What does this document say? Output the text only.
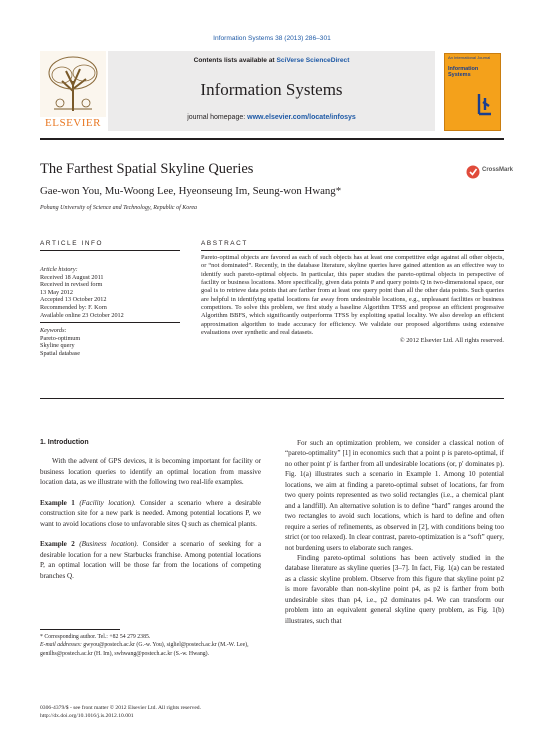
Information Systems 38 (2013) 286–301
ELSEVIER
Contents lists available at SciVerse ScienceDirect
Information Systems
journal homepage: www.elsevier.com/locate/infosys
An International Journal
Information Systems
The Farthest Spatial Skyline Queries	CrossMark
Gae-won You, Mu-Woong Lee, Hyeonseung Im, Seung-won Hwang*
Pohang University of Science and Technology, Republic of Korea
ARTICLE INFO	ABSTRACT
Article history:
Received 18 August 2011
Received in revised form
13 May 2012
Accepted 13 October 2012
Recommended by: F. Korn
Available online 23 October 2012
Keywords:
Pareto-optimum
Skyline query
Spatial database
Pareto-optimal objects are favored as each of such objects has at least one competitive edge against all other objects, or “not dominated”. Recently, in the database literature, skyline queries have gained attention as an effective way to identify such pareto-optimal objects. In particular, this paper studies the pareto-optimal objects in perspective of facility or business locations. More specifically, given data points P and query points Q in two-dimensional space, our goal is to retrieve data points that are farther from at least one query point than all the other data points. Such queries are helpful in identifying spatial locations far away from undesirable locations, e.g., unpleasant facilities or business competitors. To solve this problem, we first study a baseline Algorithm TFSS and propose an efficient progressive Algorithm BBFS, which significantly outperforms TFSS by exploiting spatial locality. We also develop an efficient approximation algorithm to trade accuracy for efficiency. We validate our proposed algorithms using extensive evaluations over synthetic and real datasets.
© 2012 Elsevier Ltd. All rights reserved.

1. Introduction

With the advent of GPS devices, it is becoming important for facility or business location queries to identify an optimal location from massive location data, as we illustrate with the following two real-life examples.

Example 1 (Facility location). Consider a scenario where a desirable construction site for a new park is needed. Among potential locations P, we want to avoid locations close to unfavorable sites Q such as chemical plants.

Example 2 (Business location). Consider a scenario of seeking for a desirable location for a new Starbucks franchise. Among potential locations P, an optimal location will be those far from the locations of competing branches Q.

For such an optimization problem, we consider a classical notion of “pareto-optimality” [1] in economics such that a point p is pareto-optimal, if no other point p′ is farther from all undesirable locations (or, p′ dominates p). Fig. 1(a) illustrates such a scenario in Example 1. Among 10 potential locations, we aim at finding a pareto-optimal subset of locations, far from two query points represented as two solid rectangles (i.e., a chemical plant and a landfill). An alternative solution is to define “hard” ranges around the two rectangles to avoid such locations, which is hard to define and often require a series of refinements, as observed in [2], with conditions being too strict (or too relaxed). In clear contrast, pareto-optimization is a “soft” query, not burdening users to elaborate such ranges.

Finding pareto-optimal solutions has been actively studied in the database literature as skyline queries [3–7]. In fact, Fig. 1(a) can be restated as a classic skyline problem. Observe from this figure that skyline point p2 is more favorable than non-skyline point p4, as p2 is farther from both undesirable sites than p4, i.e., p2 dominates p4. We can transform our problem into an equivalent general skyline query problem, as Fig. 1(b) illustrates, such that

* Corresponding author. Tel.: +82 54 279 2385.
E-mail addresses: gwyou@postech.ac.kr (G.-w. You), sigliel@postech.ac.kr (M.-W. Lee), genilhs@postech.ac.kr (H. Im), swhwang@postech.ac.kr (S.-w. Hwang).
0306-4379/$ - see front matter © 2012 Elsevier Ltd. All rights reserved.
http://dx.doi.org/10.1016/j.is.2012.10.001
